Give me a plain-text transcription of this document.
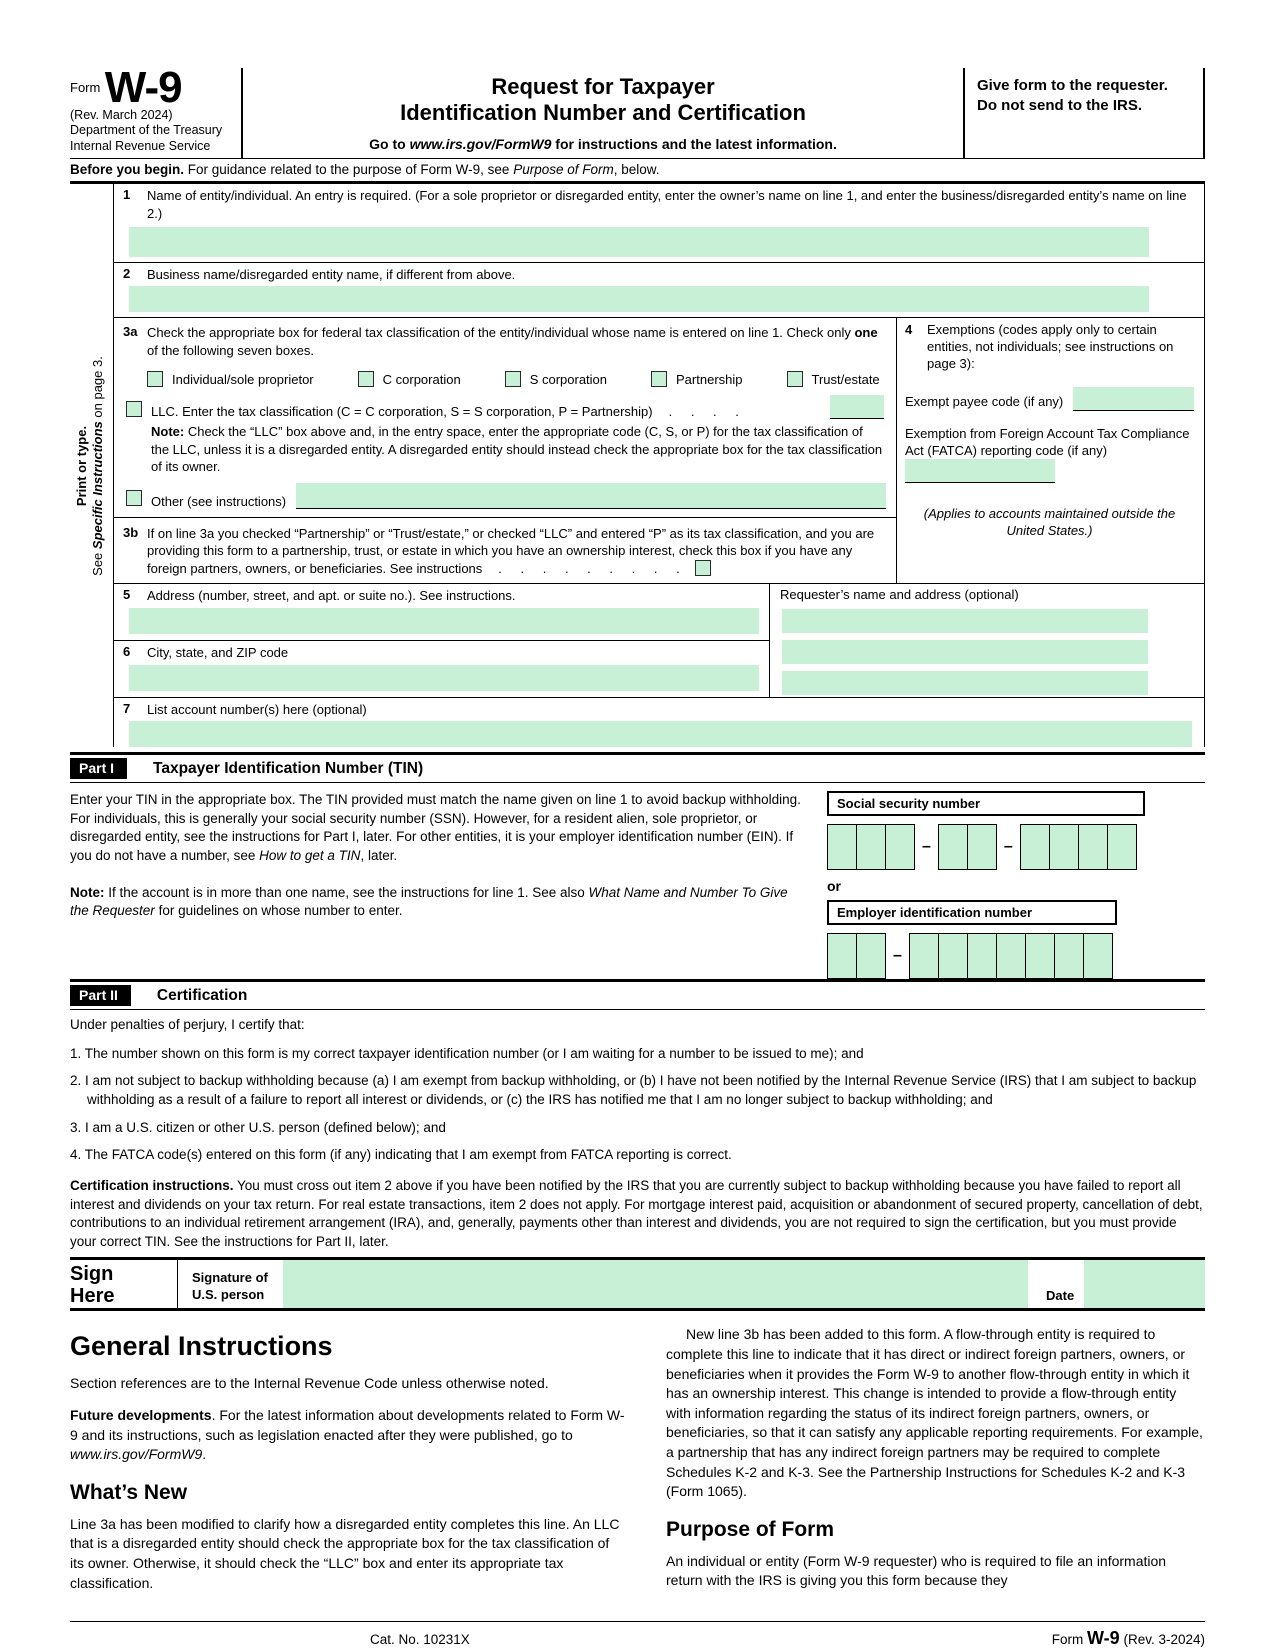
$^{Form}$ W-9
(Rev. March 2024)
Department of the Treasury
Internal Revenue Service
Request for Taxpayer
Identification Number and Certification
Go to www.irs.gov/FormW9 for instructions and the latest information.
Give form to the requester. Do not send to the IRS.
Before you begin. For guidance related to the purpose of Form W-9, see Purpose of Form, below.
Print or type.
See Specific Instructions on page 3.
1	Name of entity/individual. An entry is required. (For a sole proprietor or disregarded entity, enter the owner’s name on line 1, and enter the business/disregarded entity’s name on line 2.)
2	Business name/disregarded entity name, if different from above.
3a Check the appropriate box for federal tax classification of the entity/individual whose name is entered on line 1. Check only one of the following seven boxes.
Individual/sole proprietor	C corporation	S corporation	Partnership	Trust/estate
LLC. Enter the tax classification (C = C corporation, S = S corporation, P = Partnership) . . . .
Note: Check the “LLC” box above and, in the entry space, enter the appropriate code (C, S, or P) for the tax classification of the LLC, unless it is a disregarded entity. A disregarded entity should instead check the appropriate box for the tax classification of its owner.
Other (see instructions)
3b If on line 3a you checked “Partnership” or “Trust/estate,” or checked “LLC” and entered “P” as its tax classification, and you are providing this form to a partnership, trust, or estate in which you have an ownership interest, check this box if you have any foreign partners, owners, or beneficiaries. See instructions . . . . . . . . .
4	Exemptions (codes apply only to certain entities, not individuals; see instructions on page 3):
Exempt payee code (if any)
Exemption from Foreign Account Tax Compliance Act (FATCA) reporting code (if any)
(Applies to accounts maintained outside the United States.)
5	Address (number, street, and apt. or suite no.). See instructions.
6	City, state, and ZIP code
Requester’s name and address (optional)
7	List account number(s) here (optional)
Part I	Taxpayer Identification Number (TIN)

Enter your TIN in the appropriate box. The TIN provided must match the name given on line 1 to avoid backup withholding. For individuals, this is generally your social security number (SSN). However, for a resident alien, sole proprietor, or disregarded entity, see the instructions for Part I, later. For other entities, it is your employer identification number (EIN). If you do not have a number, see How to get a TIN, later.

Note: If the account is in more than one name, see the instructions for line 1. See also What Name and Number To Give the Requester for guidelines on whose number to enter.

Social security number
–	–
or
Employer identification number
–
Part II	Certification
Under penalties of perjury, I certify that:
1. The number shown on this form is my correct taxpayer identification number (or I am waiting for a number to be issued to me); and
2. I am not subject to backup withholding because (a) I am exempt from backup withholding, or (b) I have not been notified by the Internal Revenue Service (IRS) that I am subject to backup withholding as a result of a failure to report all interest or dividends, or (c) the IRS has notified me that I am no longer subject to backup withholding; and
3. I am a U.S. citizen or other U.S. person (defined below); and
4. The FATCA code(s) entered on this form (if any) indicating that I am exempt from FATCA reporting is correct.
Certification instructions. You must cross out item 2 above if you have been notified by the IRS that you are currently subject to backup withholding because you have failed to report all interest and dividends on your tax return. For real estate transactions, item 2 does not apply. For mortgage interest paid, acquisition or abandonment of secured property, cancellation of debt, contributions to an individual retirement arrangement (IRA), and, generally, payments other than interest and dividends, you are not required to sign the certification, but you must provide your correct TIN. See the instructions for Part II, later.
Sign
Here
Signature of
U.S. person	Date
General Instructions

Section references are to the Internal Revenue Code unless otherwise noted.

Future developments. For the latest information about developments related to Form W-9 and its instructions, such as legislation enacted after they were published, go to www.irs.gov/FormW9.

What’s New

Line 3a has been modified to clarify how a disregarded entity completes this line. An LLC that is a disregarded entity should check the appropriate box for the tax classification of its owner. Otherwise, it should check the “LLC” box and enter its appropriate tax classification.

New line 3b has been added to this form. A flow-through entity is required to complete this line to indicate that it has direct or indirect foreign partners, owners, or beneficiaries when it provides the Form W-9 to another flow-through entity in which it has an ownership interest. This change is intended to provide a flow-through entity with information regarding the status of its indirect foreign partners, owners, or beneficiaries, so that it can satisfy any applicable reporting requirements. For example, a partnership that has any indirect foreign partners may be required to complete Schedules K-2 and K-3. See the Partnership Instructions for Schedules K-2 and K-3 (Form 1065).

Purpose of Form

An individual or entity (Form W-9 requester) who is required to file an information return with the IRS is giving you this form because they

Cat. No. 10231X	Form W-9 (Rev. 3-2024)
